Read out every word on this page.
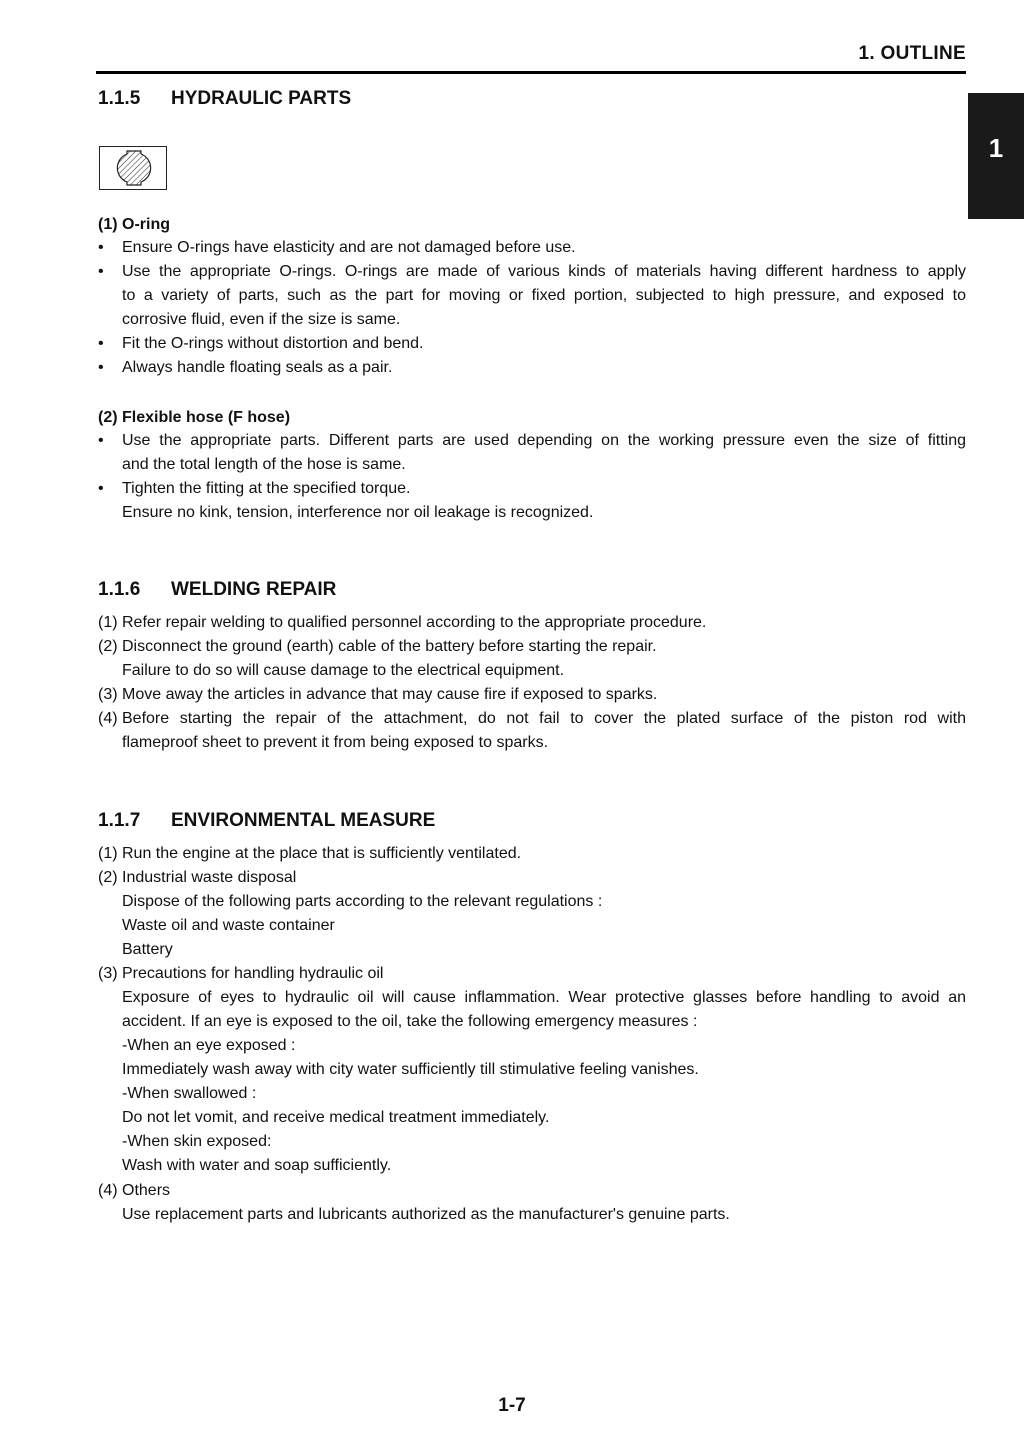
1. OUTLINE
1
1.1.5 HYDRAULIC PARTS
(1) O-ring
• Ensure O-rings have elasticity and are not damaged before use.
• Use the appropriate O-rings. O-rings are made of various kinds of materials having different hardness to apply
to a variety of parts, such as the part for moving or fixed portion, subjected to high pressure, and exposed to
corrosive fluid, even if the size is same.
• Fit the O-rings without distortion and bend.
• Always handle floating seals as a pair.
(2) Flexible hose (F hose)
• Use the appropriate parts. Different parts are used depending on the working pressure even the size of fitting
and the total length of the hose is same.
• Tighten the fitting at the specified torque.
Ensure no kink, tension, interference nor oil leakage is recognized.
1.1.6 WELDING REPAIR
(1) Refer repair welding to qualified personnel according to the appropriate procedure.
(2) Disconnect the ground (earth) cable of the battery before starting the repair.
Failure to do so will cause damage to the electrical equipment.
(3) Move away the articles in advance that may cause fire if exposed to sparks.
(4) Before starting the repair of the attachment, do not fail to cover the plated surface of the piston rod with
flameproof sheet to prevent it from being exposed to sparks.
1.1.7 ENVIRONMENTAL MEASURE
(1) Run the engine at the place that is sufficiently ventilated.
(2) Industrial waste disposal
Dispose of the following parts according to the relevant regulations :
Waste oil and waste container
Battery
(3) Precautions for handling hydraulic oil
Exposure of eyes to hydraulic oil will cause inflammation. Wear protective glasses before handling to avoid an
accident. If an eye is exposed to the oil, take the following emergency measures :
-When an eye exposed :
Immediately wash away with city water sufficiently till stimulative feeling vanishes.
-When swallowed :
Do not let vomit, and receive medical treatment immediately.
-When skin exposed:
Wash with water and soap sufficiently.
(4) Others
Use replacement parts and lubricants authorized as the manufacturer's genuine parts.
1-7
